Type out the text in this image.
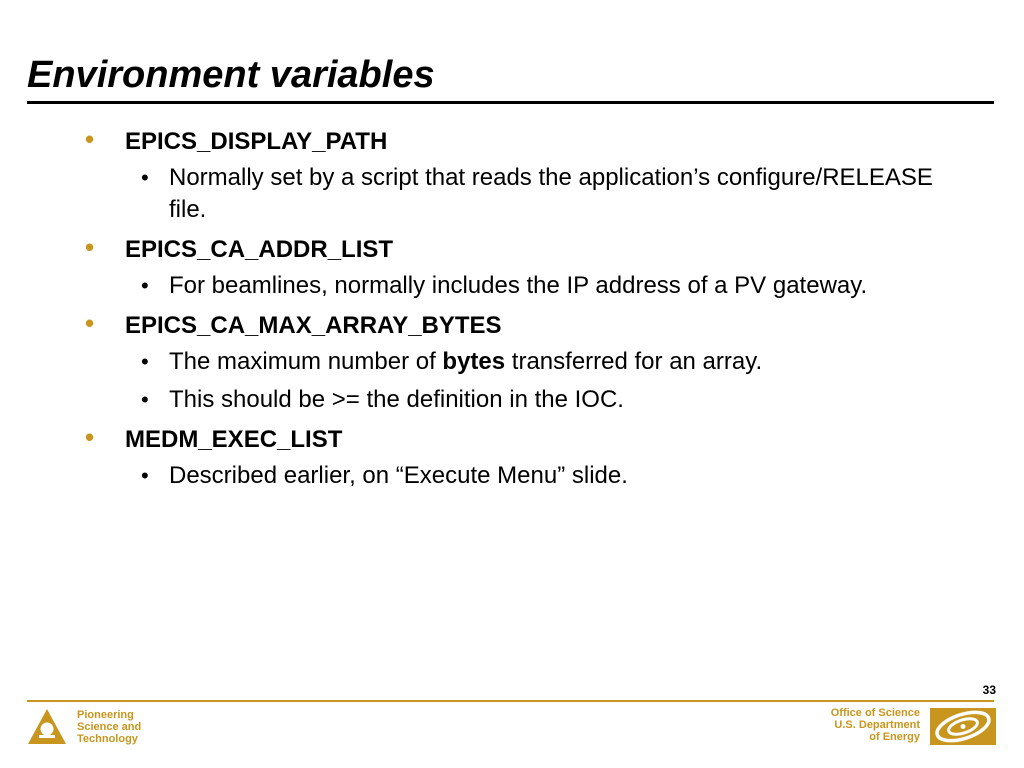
Environment variables
• EPICS_DISPLAY_PATH
• Normally set by a script that reads the application’s configure/RELEASE file.
• EPICS_CA_ADDR_LIST
• For beamlines, normally includes the IP address of a PV gateway.
• EPICS_CA_MAX_ARRAY_BYTES
• The maximum number of bytes transferred for an array.
• This should be >= the definition in the IOC.
• MEDM_EXEC_LIST
• Described earlier, on “Execute Menu” slide.
33
Pioneering
Science and
Technology
Office of Science
U.S. Department
of Energy
